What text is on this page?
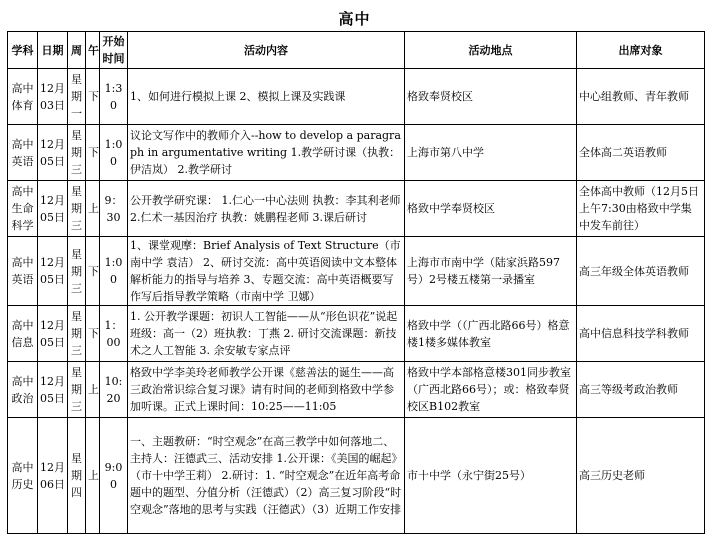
高中
学科	日期	周	午	开始时间	活动内容	活动地点	出席对象
高中体育	12月03日	星期一	下	1:30	1、如何进行模拟上课 2、模拟上课及实践课	格致奉贤校区	中心组教师、青年教师
高中英语	12月05日	星期三	下	1:00	议论文写作中的教师介入--how to develop a paragraph in argumentative writing 1.教学研讨课（执教：伊洁岚） 2.教学研讨	上海市第八中学	全体高二英语教师
高中生命科学	12月05日	星期三	上	9：30	公开教学研究课： 1.仁心一中心法则 执教：李其利老师 2.仁术一基因治疗 执教：姚鹏程老师 3.课后研讨	格致中学奉贤校区	全体高中教师（12月5日上午7:30由格致中学集中发车前往）
高中英语	12月05日	星期三	下	1:00	1、课堂观摩：Brief Analysis of Text Structure（市南中学 袁洁） 2、研讨交流：高中英语阅读中文本整体解析能力的指导与培养 3、专题交流：高中英语概要写作写后指导教学策略（市南中学 卫娜）	上海市市南中学（陆家浜路597号）2号楼五楼第一录播室	高三年级全体英语教师
高中信息	12月05日	星期三	下	1：00	1. 公开教学课题：初识人工智能——从“形色识花”说起班级：高一（2）班执教：丁燕 2. 研讨交流课题：新技术之人工智能 3. 余安敏专家点评	格致中学（（广西北路66号）格意楼1楼多媒体教室	高中信息科技学科教师
高中政治	12月05日	星期三	上	10:20	格致中学李美玲老师教学公开课《慈善法的诞生——高三政治常识综合复习课》请有时间的老师到格致中学参加听课。正式上课时间：10:25——11:05	格致中学本部格意楼301同步教室（广西北路66号）；或：格致奉贤校区B102教室	高三等级考政治教师
高中历史	12月06日	星期四	上	9:00	一、主题教研：“时空观念”在高三教学中如何落地二、主持人：汪德武三、活动安排 1.公开课：《美国的崛起》（市十中学王莉） 2.研讨：1. “时空观念”在近年高考命题中的题型、分值分析（汪德武）（2）高三复习阶段“时空观念”落地的思考与实践（汪德武）（3）近期工作安排	市十中学（永宁街25号）	高三历史老师
